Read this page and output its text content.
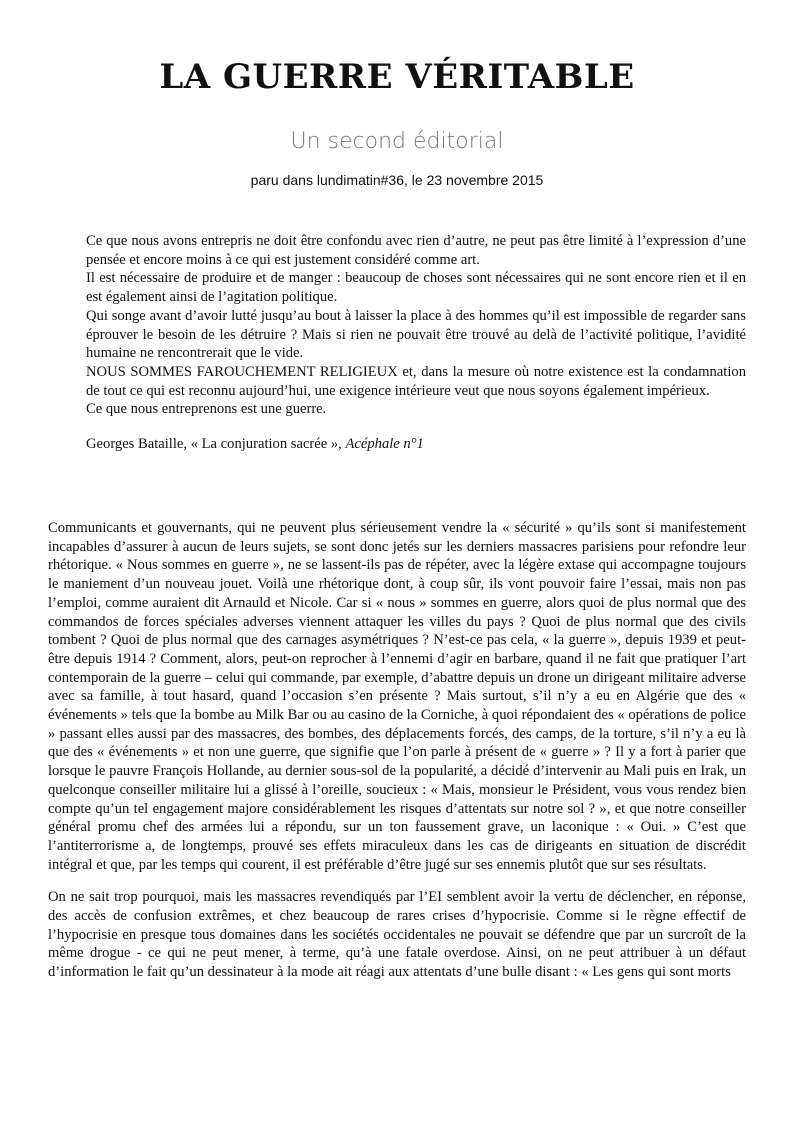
LA GUERRE VÉRITABLE
Un second éditorial
paru dans lundimatin#36, le 23 novembre 2015

Ce que nous avons entrepris ne doit être confondu avec rien d’autre, ne peut pas être limité à l’expression d’une pensée et encore moins à ce qui est justement considéré comme art.

Il est nécessaire de produire et de manger : beaucoup de choses sont nécessaires qui ne sont encore rien et il en est également ainsi de l’agitation politique.

Qui songe avant d’avoir lutté jusqu’au bout à laisser la place à des hommes qu’il est impossible de regarder sans éprouver le besoin de les détruire ? Mais si rien ne pouvait être trouvé au delà de l’activité politique, l’avidité humaine ne rencontrerait que le vide.

NOUS SOMMES FAROUCHEMENT RELIGIEUX et, dans la mesure où notre existence est la condamnation de tout ce qui est reconnu aujourd’hui, une exigence intérieure veut que nous soyons également impérieux.

Ce que nous entreprenons est une guerre.

Georges Bataille, « La conjuration sacrée », Acéphale n°1

Communicants et gouvernants, qui ne peuvent plus sérieusement vendre la « sécurité » qu’ils sont si manifestement incapables d’assurer à aucun de leurs sujets, se sont donc jetés sur les derniers massacres parisiens pour refondre leur rhétorique. « Nous sommes en guerre », ne se lassent-ils pas de répéter, avec la légère extase qui accompagne toujours le maniement d’un nouveau jouet. Voilà une rhétorique dont, à coup sûr, ils vont pouvoir faire l’essai, mais non pas l’emploi, comme auraient dit Arnauld et Nicole. Car si « nous » sommes en guerre, alors quoi de plus normal que des commandos de forces spéciales adverses viennent attaquer les villes du pays ? Quoi de plus normal que des civils tombent ? Quoi de plus normal que des carnages asymétriques ? N’est-ce pas cela, « la guerre », depuis 1939 et peut-être depuis 1914 ? Comment, alors, peut-on reprocher à l’ennemi d’agir en barbare, quand il ne fait que pratiquer l’art contemporain de la guerre – celui qui commande, par exemple, d’abattre depuis un drone un dirigeant militaire adverse avec sa famille, à tout hasard, quand l’occasion s’en présente ? Mais surtout, s’il n’y a eu en Algérie que des « événements » tels que la bombe au Milk Bar ou au casino de la Corniche, à quoi répondaient des « opérations de police » passant elles aussi par des massacres, des bombes, des déplacements forcés, des camps, de la torture, s’il n’y a eu là que des « événements » et non une guerre, que signifie que l’on parle à présent de « guerre » ? Il y a fort à parier que lorsque le pauvre François Hollande, au dernier sous-sol de la popularité, a décidé d’intervenir au Mali puis en Irak, un quelconque conseiller militaire lui a glissé à l’oreille, soucieux : « Mais, monsieur le Président, vous vous rendez bien compte qu’un tel engagement majore considérablement les risques d’attentats sur notre sol ? », et que notre conseiller général promu chef des armées lui a répondu, sur un ton faussement grave, un laconique : « Oui. » C’est que l’antiterrorisme a, de longtemps, prouvé ses effets miraculeux dans les cas de dirigeants en situation de discrédit intégral et que, par les temps qui courent, il est préférable d’être jugé sur ses ennemis plutôt que sur ses résultats.

On ne sait trop pourquoi, mais les massacres revendiqués par l’EI semblent avoir la vertu de déclencher, en réponse, des accès de confusion extrêmes, et chez beaucoup de rares crises d’hypocrisie. Comme si le règne effectif de l’hypocrisie en presque tous domaines dans les sociétés occidentales ne pouvait se défendre que par un surcroît de la même drogue - ce qui ne peut mener, à terme, qu’à une fatale overdose. Ainsi, on ne peut attribuer à un défaut d’information le fait qu’un dessinateur à la mode ait réagi aux attentats d’une bulle disant : « Les gens qui sont morts
